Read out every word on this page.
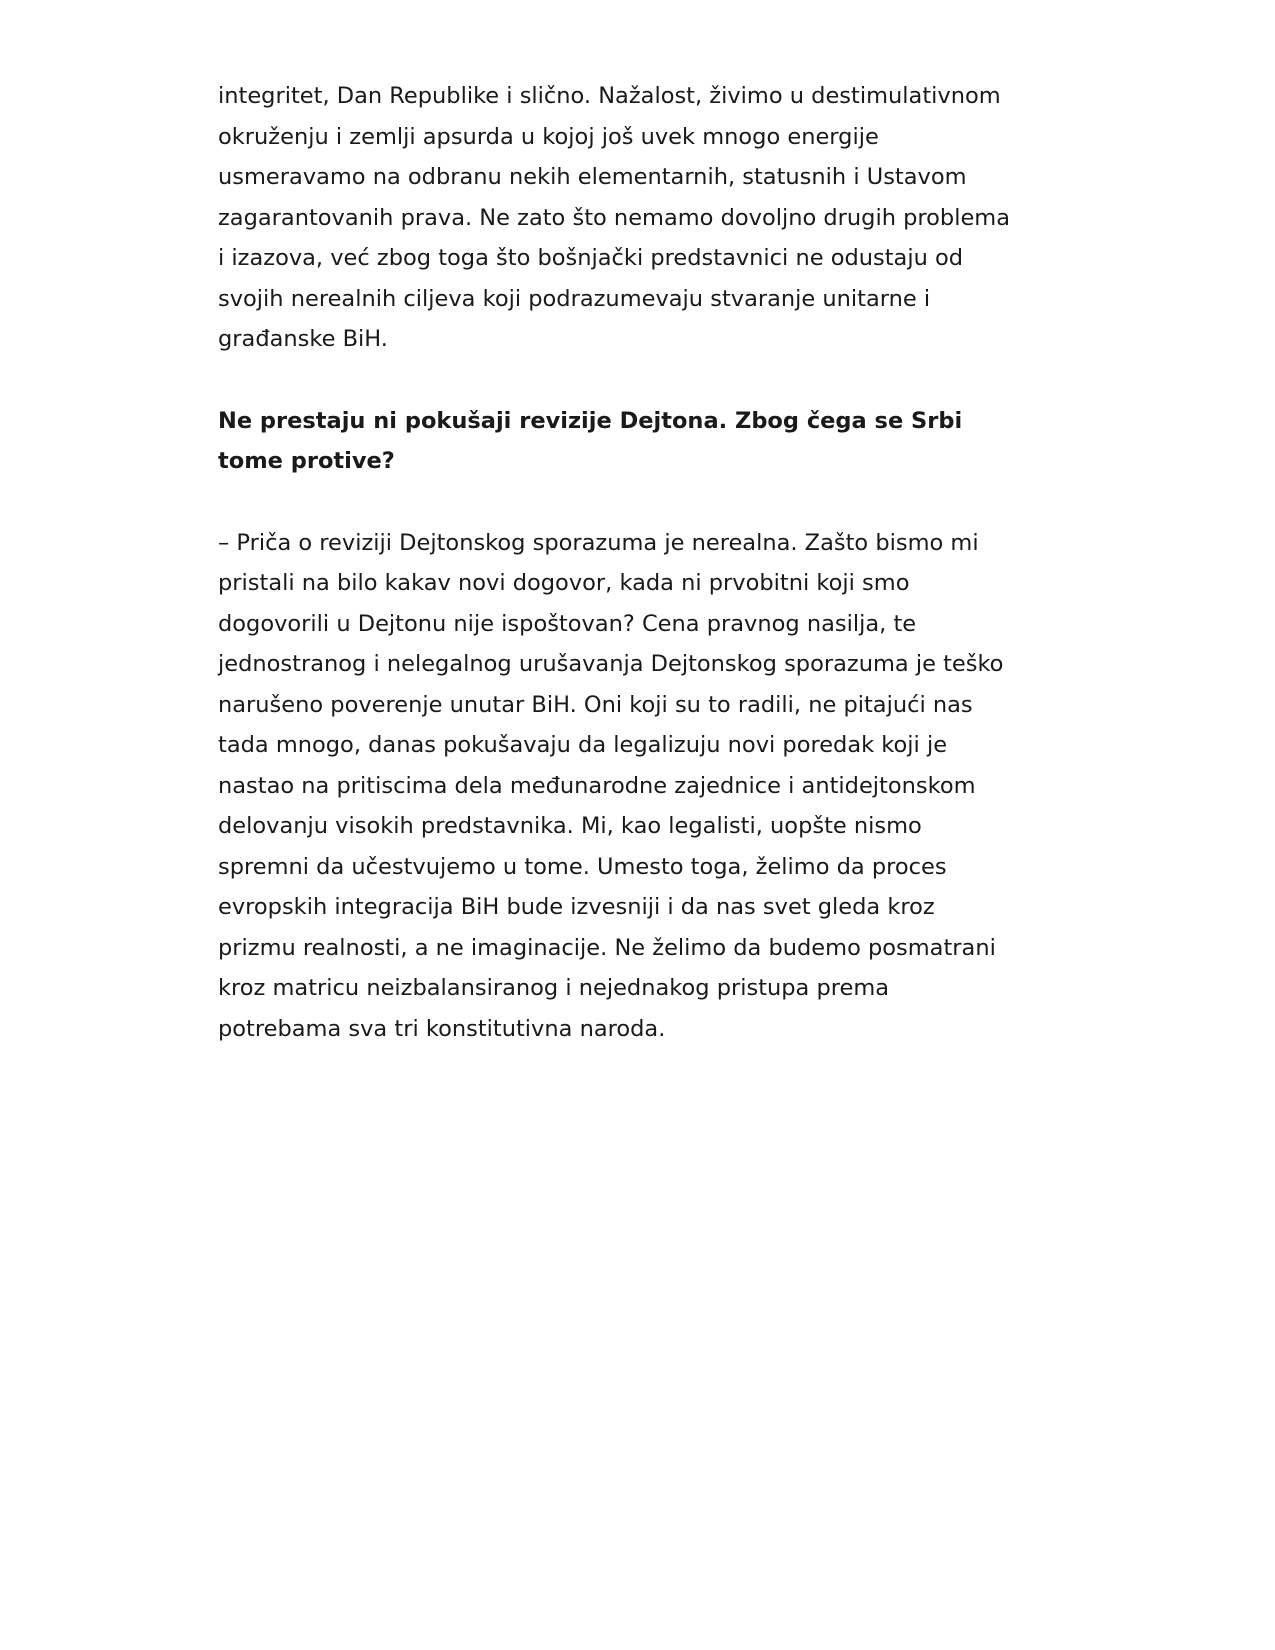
integritet, Dan Republike i slično. Nažalost, živimo u destimulativnom
okruženju i zemlji apsurda u kojoj još uvek mnogo energije
usmeravamo na odbranu nekih elementarnih, statusnih i Ustavom
zagarantovanih prava. Ne zato što nemamo dovoljno drugih problema
i izazova, već zbog toga što bošnjački predstavnici ne odustaju od
svojih nerealnih ciljeva koji podrazumevaju stvaranje unitarne i
građanske BiH.

Ne prestaju ni pokušaji revizije Dejtona. Zbog čega se Srbi
tome protive?

– Priča o reviziji Dejtonskog sporazuma je nerealna. Zašto bismo mi
pristali na bilo kakav novi dogovor, kada ni prvobitni koji smo
dogovorili u Dejtonu nije ispoštovan? Cena pravnog nasilja, te
jednostranog i nelegalnog urušavanja Dejtonskog sporazuma je teško
narušeno poverenje unutar BiH. Oni koji su to radili, ne pitajući nas
tada mnogo, danas pokušavaju da legalizuju novi poredak koji je
nastao na pritiscima dela međunarodne zajednice i antidejtonskom
delovanju visokih predstavnika. Mi, kao legalisti, uopšte nismo
spremni da učestvujemo u tome. Umesto toga, želimo da proces
evropskih integracija BiH bude izvesniji i da nas svet gleda kroz
prizmu realnosti, a ne imaginacije. Ne želimo da budemo posmatrani
kroz matricu neizbalansiranog i nejednakog pristupa prema
potrebama sva tri konstitutivna naroda.
